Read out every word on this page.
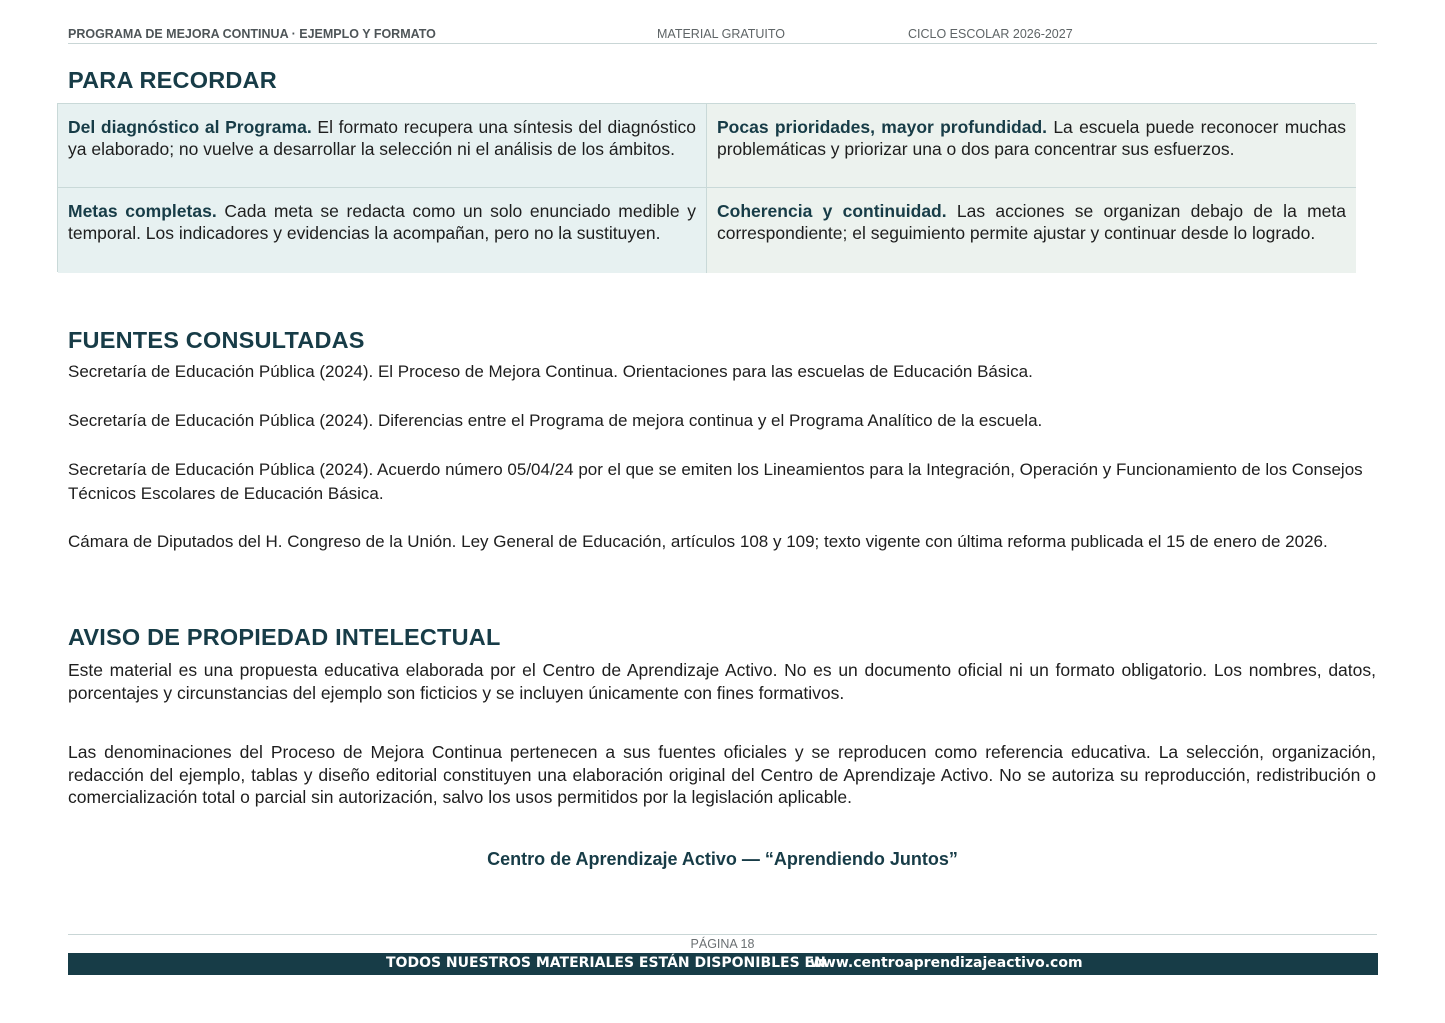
PROGRAMA DE MEJORA CONTINUA · EJEMPLO Y FORMATO	MATERIAL GRATUITO	CICLO ESCOLAR 2026-2027
PARA RECORDAR
Del diagnóstico al Programa. El formato recupera una síntesis del diagnóstico ya elaborado; no vuelve a desarrollar la selección ni el análisis de los ámbitos.
Pocas prioridades, mayor profundidad. La escuela puede reconocer muchas problemáticas y priorizar una o dos para concentrar sus esfuerzos.
Metas completas. Cada meta se redacta como un solo enunciado medible y temporal. Los indicadores y evidencias la acompañan, pero no la sustituyen.
Coherencia y continuidad. Las acciones se organizan debajo de la meta correspondiente; el seguimiento permite ajustar y continuar desde lo logrado.
FUENTES CONSULTADAS

Secretaría de Educación Pública (2024). El Proceso de Mejora Continua. Orientaciones para las escuelas de Educación Básica.

Secretaría de Educación Pública (2024). Diferencias entre el Programa de mejora continua y el Programa Analítico de la escuela.

Secretaría de Educación Pública (2024). Acuerdo número 05/04/24 por el que se emiten los Lineamientos para la Integración, Operación y Funcionamiento de los Consejos Técnicos Escolares de Educación Básica.

Cámara de Diputados del H. Congreso de la Unión. Ley General de Educación, artículos 108 y 109; texto vigente con última reforma publicada el 15 de enero de 2026.

AVISO DE PROPIEDAD INTELECTUAL

Este material es una propuesta educativa elaborada por el Centro de Aprendizaje Activo. No es un documento oficial ni un formato obligatorio. Los nombres, datos, porcentajes y circunstancias del ejemplo son ficticios y se incluyen únicamente con fines formativos.

Las denominaciones del Proceso de Mejora Continua pertenecen a sus fuentes oficiales y se reproducen como referencia educativa. La selección, organización, redacción del ejemplo, tablas y diseño editorial constituyen una elaboración original del Centro de Aprendizaje Activo. No se autoriza su reproducción, redistribución o comercialización total o parcial sin autorización, salvo los usos permitidos por la legislación aplicable.

Centro de Aprendizaje Activo — “Aprendiendo Juntos”
PÁGINA 18
TODOS NUESTROS MATERIALES ESTÁN DISPONIBLES EN
www.centroaprendizajeactivo.com
